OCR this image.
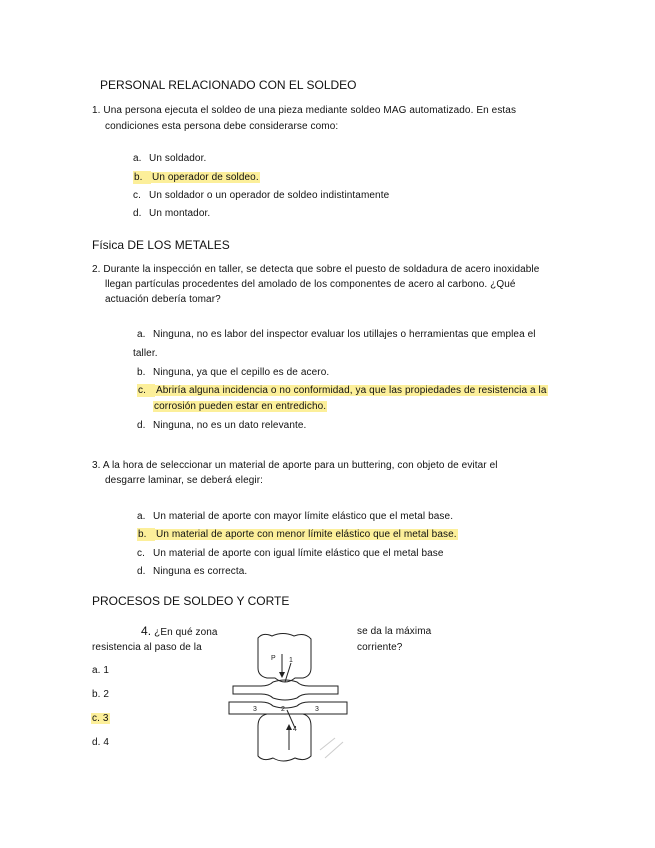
PERSONAL RELACIONADO CON EL SOLDEO
1. Una persona ejecuta el soldeo de una pieza mediante soldeo MAG automatizado. En estas
condiciones esta persona debe considerarse como:
a. Un soldador.
b. Un operador de soldeo.
c. Un soldador o un operador de soldeo indistintamente
d. Un montador.
Física DE LOS METALES
2. Durante la inspección en taller, se detecta que sobre el puesto de soldadura de acero inoxidable
llegan partículas procedentes del amolado de los componentes de acero al carbono. ¿Qué
actuación debería tomar?
a. Ninguna, no es labor del inspector evaluar los utillajes o herramientas que emplea el
taller.
b. Ninguna, ya que el cepillo es de acero.
c. Abriría alguna incidencia o no conformidad, ya que las propiedades de resistencia a la
corrosión pueden estar en entredicho.
d. Ninguna, no es un dato relevante.
3. A la hora de seleccionar un material de aporte para un buttering, con objeto de evitar el
desgarre laminar, se deberá elegir:
a. Un material de aporte con mayor límite elástico que el metal base.
b. Un material de aporte con menor límite elástico que el metal base.
c. Un material de aporte con igual límite elástico que el metal base
d. Ninguna es correcta.
PROCESOS DE SOLDEO Y CORTE
4. ¿En qué zona
resistencia al paso de la
se da la máxima
corriente?
a. 1
b. 2
c. 3
d. 4
P 1
2
3	3
4
